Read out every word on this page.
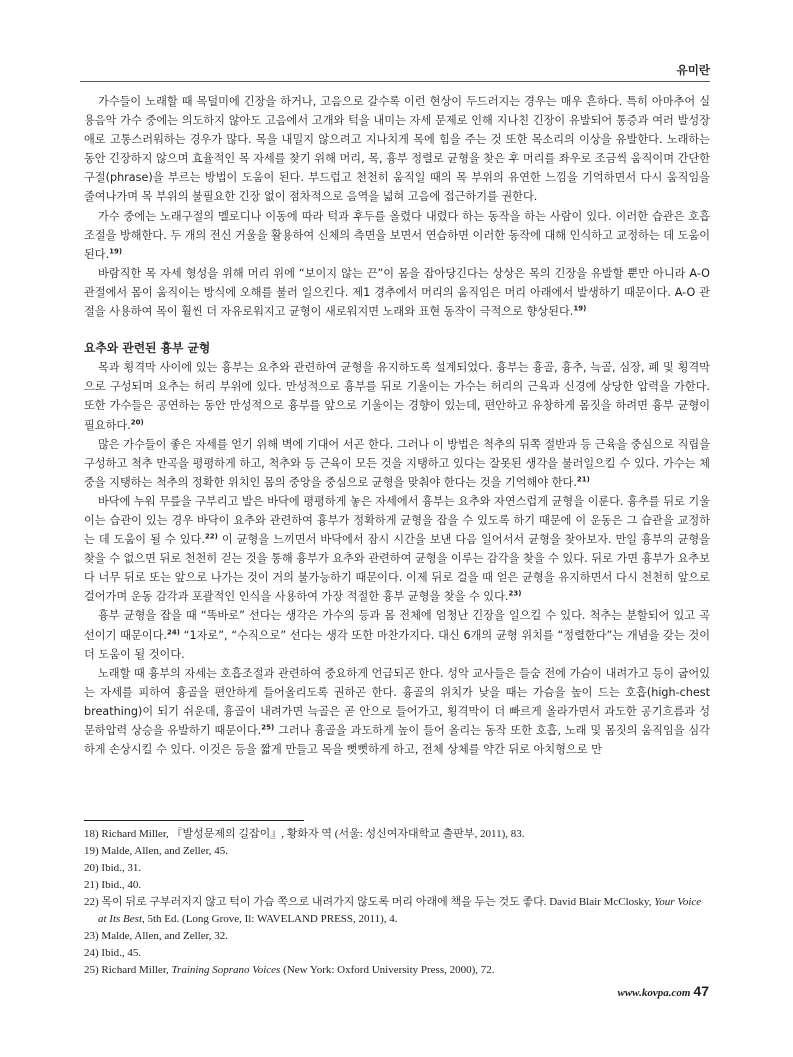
유미란

가수들이 노래할 때 목덜미에 긴장을 하거나, 고음으로 갈수록 이런 현상이 두드러지는 경우는 매우 흔하다. 특히 아마추어 실용음악 가수 중에는 의도하지 않아도 고음에서 고개와 턱을 내미는 자세 문제로 인해 지나친 긴장이 유발되어 통증과 여러 발성장애로 고통스러워하는 경우가 많다. 목을 내밀지 않으려고 지나치게 목에 힘을 주는 것 또한 목소리의 이상을 유발한다. 노래하는 동안 긴장하지 않으며 효율적인 목 자세를 찾기 위해 머리, 목, 흉부 정렬로 균형을 찾은 후 머리를 좌우로 조금씩 움직이며 간단한 구절(phrase)을 부르는 방법이 도움이 된다. 부드럽고 천천히 움직일 때의 목 부위의 유연한 느낌을 기억하면서 다시 움직임을 줄여나가며 목 부위의 불필요한 긴장 없이 점차적으로 음역을 넓혀 고음에 접근하기를 권한다.

가수 중에는 노래구절의 멜로디나 이동에 따라 턱과 후두를 올렸다 내렸다 하는 동작을 하는 사람이 있다. 이러한 습관은 호흡조절을 방해한다. 두 개의 전신 거울을 활용하여 신체의 측면을 보면서 연습하면 이러한 동작에 대해 인식하고 교정하는 데 도움이 된다.$^{19)}$

바람직한 목 자세 형성을 위해 머리 위에 “보이지 않는 끈”이 몸을 잡아당긴다는 상상은 목의 긴장을 유발할 뿐만 아니라 A-O 관절에서 몸이 움직이는 방식에 오해를 불러 일으킨다. 제1 경추에서 머리의 움직임은 머리 아래에서 발생하기 때문이다. A-O 관절을 사용하여 목이 훨씬 더 자유로워지고 균형이 새로워지면 노래와 표현 동작이 극적으로 향상된다.$^{19)}$

요추와 관련된 흉부 균형

목과 횡격막 사이에 있는 흉부는 요추와 관련하여 균형을 유지하도록 설계되었다. 흉부는 흉골, 흉추, 늑골, 심장, 폐 및 횡격막으로 구성되며 요추는 허리 부위에 있다. 만성적으로 흉부를 뒤로 기울이는 가수는 허리의 근육과 신경에 상당한 압력을 가한다. 또한 가수들은 공연하는 동안 만성적으로 흉부를 앞으로 기울이는 경향이 있는데, 편안하고 유창하게 몸짓을 하려면 흉부 균형이 필요하다.$^{20)}$

많은 가수들이 좋은 자세를 얻기 위해 벽에 기대어 서곤 한다. 그러나 이 방법은 척추의 뒤쪽 절반과 등 근육을 중심으로 직립을 구성하고 척추 만곡을 평평하게 하고, 척추와 등 근육이 모든 것을 지탱하고 있다는 잘못된 생각을 불러일으킬 수 있다. 가수는 체중을 지탱하는 척추의 정확한 위치인 몸의 중앙을 중심으로 균형을 맞춰야 한다는 것을 기억해야 한다.$^{21)}$

바닥에 누워 무릎을 구부리고 발은 바닥에 평평하게 놓은 자세에서 흉부는 요추와 자연스럽게 균형을 이룬다. 흉추를 뒤로 기울이는 습관이 있는 경우 바닥이 요추와 관련하여 흉부가 정확하게 균형을 잡을 수 있도록 하기 때문에 이 운동은 그 습관을 교정하는 데 도움이 될 수 있다.$^{22)}$ 이 균형을 느끼면서 바닥에서 잠시 시간을 보낸 다음 일어서서 균형을 찾아보자. 만일 흉부의 균형을 찾을 수 없으면 뒤로 천천히 걷는 것을 통해 흉부가 요추와 관련하여 균형을 이루는 감각을 찾을 수 있다. 뒤로 가면 흉부가 요추보다 너무 뒤로 또는 앞으로 나가는 것이 거의 불가능하기 때문이다. 이제 뒤로 걸을 때 얻은 균형을 유지하면서 다시 천천히 앞으로 걸어가며 운동 감각과 포괄적인 인식을 사용하여 가장 적절한 흉부 균형을 찾을 수 있다.$^{23)}$

흉부 균형을 잡을 때 “똑바로” 선다는 생각은 가수의 등과 몸 전체에 엄청난 긴장을 일으킬 수 있다. 척추는 분할되어 있고 곡선이기 때문이다.$^{24)}$ “1자로”, “수직으로” 선다는 생각 또한 마찬가지다. 대신 6개의 균형 위치를 “정렬한다”는 개념을 갖는 것이 더 도움이 될 것이다.

노래할 때 흉부의 자세는 호흡조절과 관련하여 중요하게 언급되곤 한다. 성악 교사들은 들숨 전에 가슴이 내려가고 등이 굽어있는 자세를 피하여 흉골을 편안하게 들어올리도록 권하곤 한다. 흉골의 위치가 낮을 때는 가슴을 높이 드는 호흡(high-chest breathing)이 되기 쉬운데, 흉골이 내려가면 늑골은 곧 안으로 들어가고, 횡격막이 더 빠르게 올라가면서 과도한 공기흐름과 성문하압력 상승을 유발하기 때문이다.$^{25)}$ 그러나 흉골을 과도하게 높이 들어 올리는 동작 또한 호흡, 노래 및 몸짓의 움직임을 심각하게 손상시킬 수 있다. 이것은 등을 짧게 만들고 목을 뻣뻣하게 하고, 전체 상체를 약간 뒤로 아치형으로 만

18) Richard Miller, 『발성문제의 길잡이』, 황화자 역 (서울: 성신여자대학교 출판부, 2011), 83.

19) Malde, Allen, and Zeller, 45.

20) Ibid., 31.

21) Ibid., 40.

22) 목이 뒤로 구부러지지 않고 턱이 가슴 쪽으로 내려가지 않도록 머리 아래에 책을 두는 것도 좋다. David Blair McClosky, Your Voice at Its Best, 5th Ed. (Long Grove, Il: WAVELAND PRESS, 2011), 4.

23) Malde, Allen, and Zeller, 32.

24) Ibid., 45.

25) Richard Miller, Training Soprano Voices (New York: Oxford University Press, 2000), 72.

www.kovpa.com 47
